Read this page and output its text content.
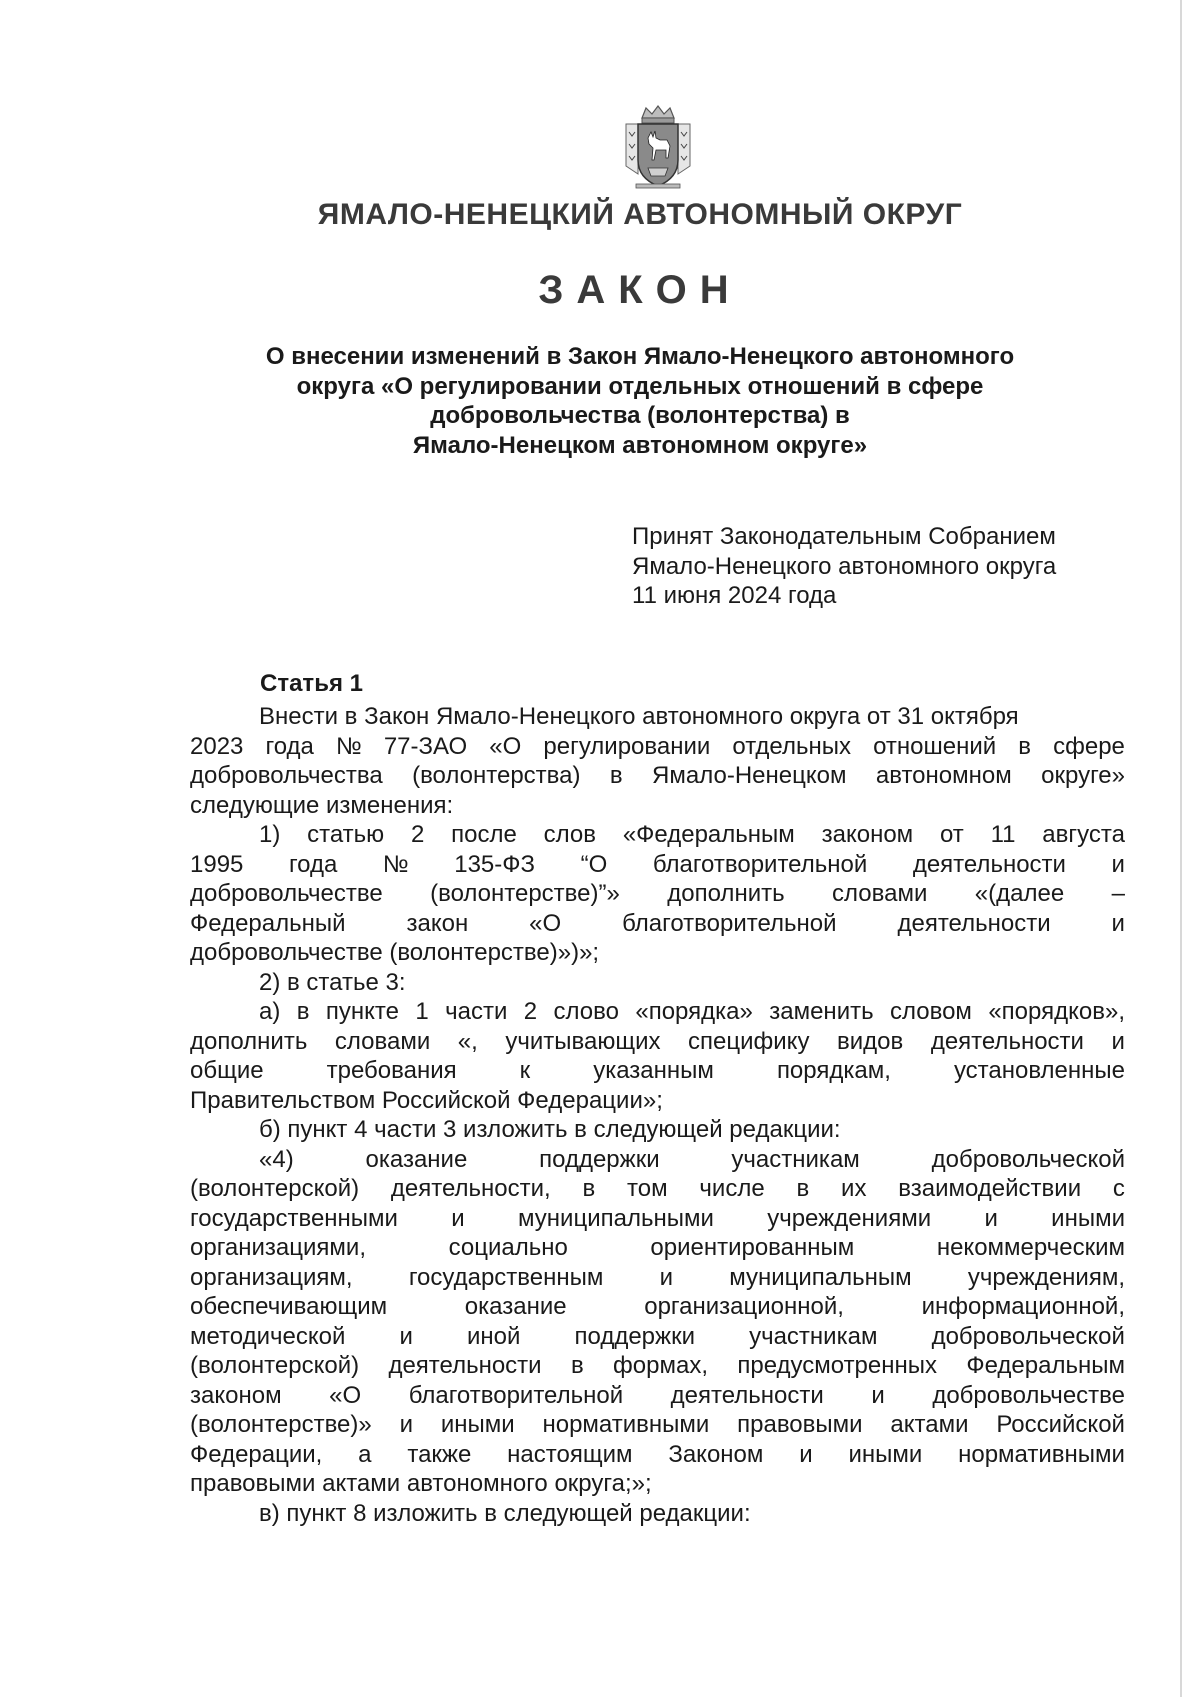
ЯМАЛО-НЕНЕЦКИЙ АВТОНОМНЫЙ ОКРУГ
ЗАКОН
О внесении изменений в Закон Ямало-Ненецкого автономного
округа «О регулировании отдельных отношений в сфере
добровольчества (волонтерства) в
Ямало-Ненецком автономном округе»
Принят Законодательным Собранием
Ямало-Ненецкого автономного округа
11 июня 2024 года
Статья 1
Внести в Закон Ямало-Ненецкого автономного округа от 31 октября
2023 года № 77-ЗАО «О регулировании отдельных отношений в сфере
добровольчества (волонтерства) в Ямало-Ненецком автономном округе»
следующие изменения:
1) статью 2 после слов «Федеральным законом от 11 августа
1995 года № 135-ФЗ “О благотворительной деятельности и
добровольчестве (волонтерстве)”» дополнить словами «(далее –
Федеральный	закон	«О	благотворительной	деятельности	и
добровольчестве (волонтерстве)»)»;
2) в статье 3:
а) в пункте 1 части 2 слово «порядка» заменить словом «порядков»,
дополнить словами «, учитывающих специфику видов деятельности и
общие	требования	к	указанным	порядкам,	установленные
Правительством Российской Федерации»;
б) пункт 4 части 3 изложить в следующей редакции:
«4)	оказание	поддержки	участникам	добровольческой
(волонтерской) деятельности, в том числе в их взаимодействии с
государственными и муниципальными учреждениями и иными
организациями,	социально	ориентированным	некоммерческим
организациям, государственным и муниципальным учреждениям,
обеспечивающим	оказание	организационной,	информационной,
методической и иной поддержки участникам добровольческой
(волонтерской) деятельности в формах, предусмотренных Федеральным
законом «О благотворительной деятельности и добровольчестве
(волонтерстве)» и иными нормативными правовыми актами Российской
Федерации, а также настоящим Законом и иными нормативными
правовыми актами автономного округа;»;
в) пункт 8 изложить в следующей редакции:
